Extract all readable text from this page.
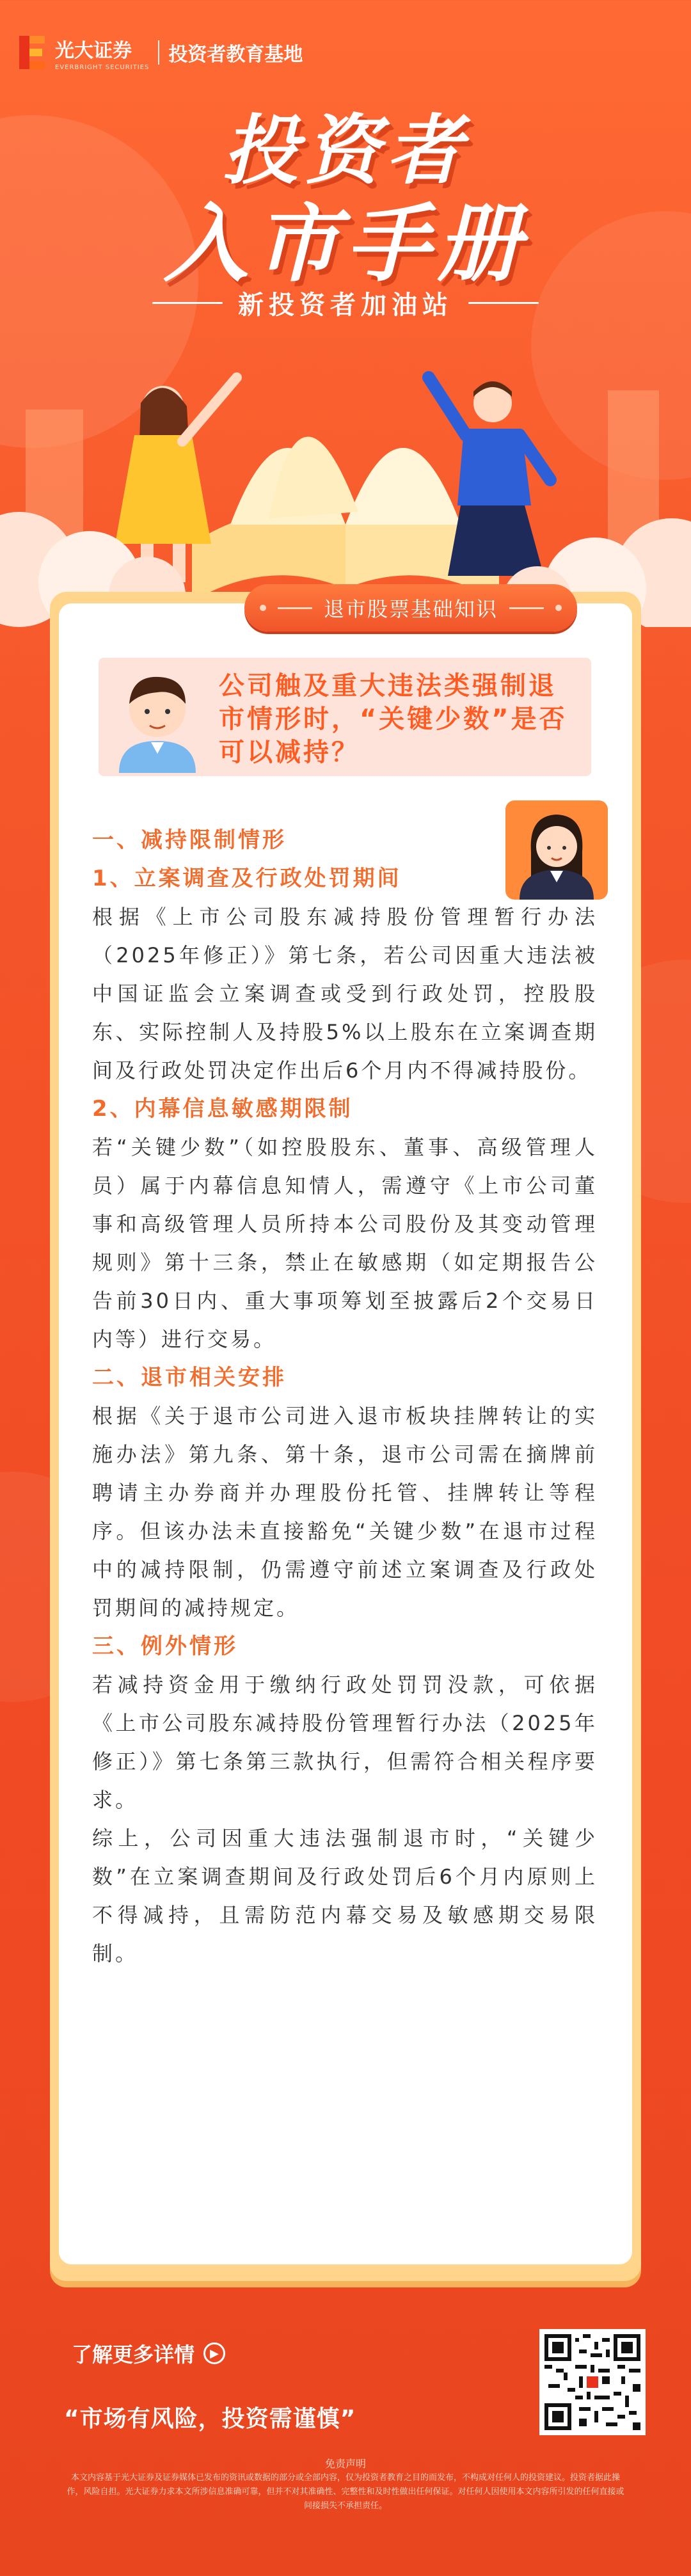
光大证券
EVERBRIGHT SECURITIES
投资者教育基地
投资者
入市手册
新投资者加油站
退市股票基础知识
公司触及重大违法类强制退市情形时，“关键少数”是否可以减持？
一、减持限制情形
1、立案调查及行政处罚期间

根据《上市公司股东减持股份管理暂行办法（2025年修正）》第七条，若公司因重大违法被中国证监会立案调查或受到行政处罚，控股股东、实际控制人及持股5%以上股东在立案调查期间及行政处罚决定作出后6个月内不得减持股份。

2、内幕信息敏感期限制

若“关键少数”（如控股股东、董事、高级管理人员）属于内幕信息知情人，需遵守《上市公司董事和高级管理人员所持本公司股份及其变动管理规则》第十三条，禁止在敏感期（如定期报告公告前30日内、重大事项筹划至披露后2个交易日内等）进行交易。

二、退市相关安排

根据《关于退市公司进入退市板块挂牌转让的实施办法》第九条、第十条，退市公司需在摘牌前聘请主办券商并办理股份托管、挂牌转让等程序。但该办法未直接豁免“关键少数”在退市过程中的减持限制，仍需遵守前述立案调查及行政处罚期间的减持规定。

三、例外情形

若减持资金用于缴纳行政处罚罚没款，可依据《上市公司股东减持股份管理暂行办法（2025年修正）》第七条第三款执行，但需符合相关程序要求。

综上，公司因重大违法强制退市时，“关键少数”在立案调查期间及行政处罚后6个月内原则上不得减持，且需防范内幕交易及敏感期交易限制。

了解更多详情	▶
“市场有风险，投资需谨慎”
免责声明
本文内容基于光大证券及证券媒体已发布的资讯或数据的部分或全部内容，仅为投资者教育之目的而发布，不构成对任何人的投资建议。投资者据此操作，风险自担。光大证券力求本文所涉信息准确可靠，但并不对其准确性、完整性和及时性做出任何保证。对任何人因使用本文内容所引发的任何直接或间接损失不承担责任。
